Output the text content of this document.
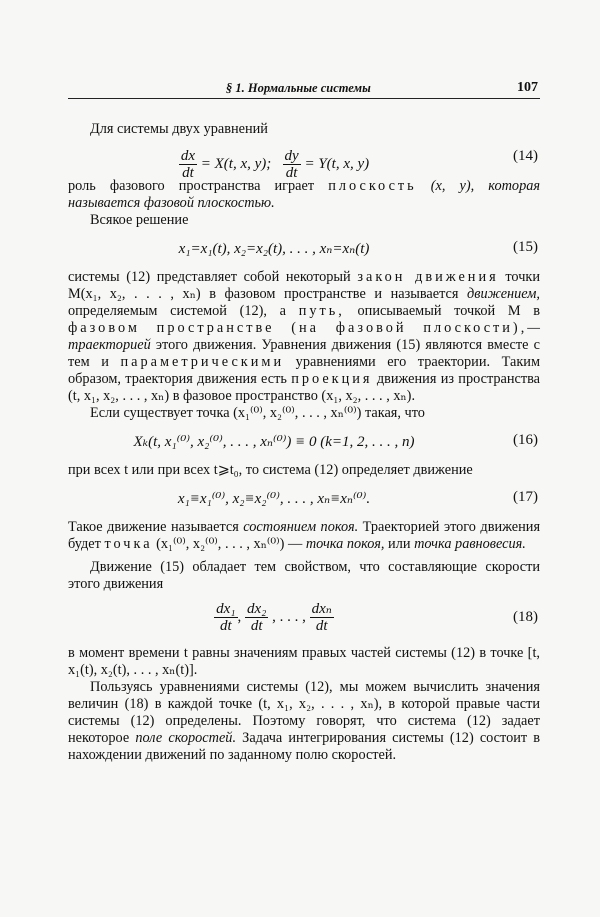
§ 1. Нормальные системы	107

Для системы двух уравнений

$\frac{dx}{dt} = X(t$, x, y); $\frac{dy}{dt} = Y(t$, x, y)	(14)

роль фазового пространства играет плоскость (x, y), которая называется фазовой плоскостью.

Всякое решение

x₁=x₁(t), x₂=x₂(t), . . . , xₙ=xₙ(t)	(15)

системы (12) представляет собой некоторый закон движения точки M(x₁, x₂, . . . , xₙ) в фазовом пространстве и называется движением, определяемым системой (12), а путь, описываемый точкой M в фазовом пространстве (на фазовой плоскости),— траекторией этого движения. Уравнения движения (15) являются вместе с тем и параметрическими уравнениями его траектории. Таким образом, траектория движения есть проекция движения из пространства (t, x₁, x₂, . . . , xₙ) в фазовое пространство (x₁, x₂, . . . , xₙ).

Если существует точка (x₁⁽⁰⁾, x₂⁽⁰⁾, . . . , xₙ⁽⁰⁾) такая, что

Xₖ(t, x₁⁽⁰⁾, x₂⁽⁰⁾, . . . , xₙ⁽⁰⁾) ≡ 0 (k=1, 2, . . . , n)	(16)

при всех t или при всех t⩾t₀, то система (12) определяет движение

x₁≡x₁⁽⁰⁾, x₂≡x₂⁽⁰⁾, . . . , xₙ≡xₙ⁽⁰⁾.	(17)

Такое движение называется состоянием покоя. Траекторией этого движения будет точка (x₁⁽⁰⁾, x₂⁽⁰⁾, . . . , xₙ⁽⁰⁾) — точка покоя, или точка равновесия.

Движение (15) обладает тем свойством, что составляющие скорости этого движения

$\frac{\text{dx₁}}{dt}$ , $\frac{\text{dx₂}}{dt}$ , . . . , $\frac{\text{dxₙ}}{dt}$	(18)

в момент времени t равны значениям правых частей системы (12) в точке [t, x₁(t), x₂(t), . . . , xₙ(t)].

Пользуясь уравнениями системы (12), мы можем вычислить значения величин (18) в каждой точке (t, x₁, x₂, . . . , xₙ), в которой правые части системы (12) определены. Поэтому говорят, что система (12) задает некоторое поле скоростей. Задача интегрирования системы (12) состоит в нахождении движений по заданному полю скоростей.
